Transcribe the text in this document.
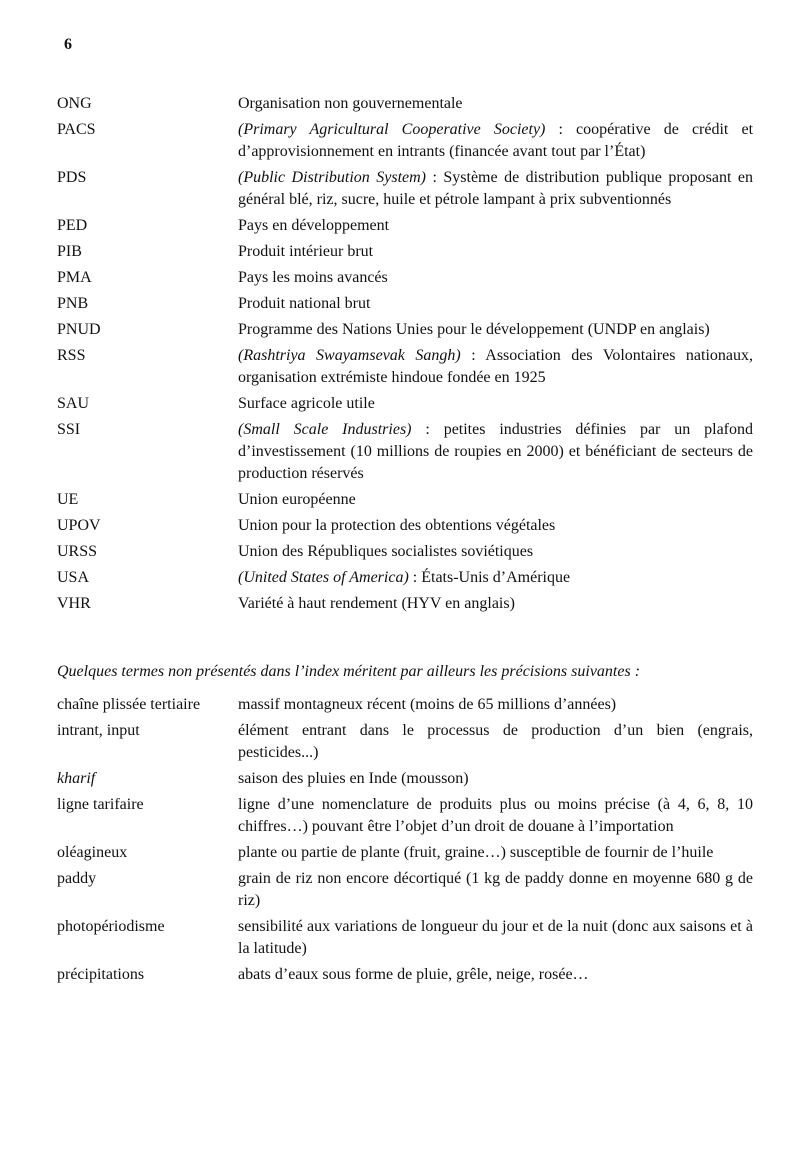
6
ONG	Organisation non gouvernementale
PACS	(Primary Agricultural Cooperative Society) : coopérative de crédit et d’approvisionnement en intrants (financée avant tout par l’État)
PDS	(Public Distribution System) : Système de distribution publique proposant en général blé, riz, sucre, huile et pétrole lampant à prix subventionnés
PED	Pays en développement
PIB	Produit intérieur brut
PMA	Pays les moins avancés
PNB	Produit national brut
PNUD	Programme des Nations Unies pour le développement (UNDP en anglais)
RSS	(Rashtriya Swayamsevak Sangh) : Association des Volontaires nationaux, organisation extrémiste hindoue fondée en 1925
SAU	Surface agricole utile
SSI	(Small Scale Industries) : petites industries définies par un plafond d’investissement (10 millions de roupies en 2000) et bénéficiant de secteurs de production réservés
UE	Union européenne
UPOV	Union pour la protection des obtentions végétales
URSS	Union des Républiques socialistes soviétiques
USA	(United States of America) : États-Unis d’Amérique
VHR	Variété à haut rendement (HYV en anglais)

Quelques termes non présentés dans l’index méritent par ailleurs les précisions suivantes :

chaîne plissée tertiaire	massif montagneux récent (moins de 65 millions d’années)
intrant, input	élément entrant dans le processus de production d’un bien (engrais, pesticides...)
kharif	saison des pluies en Inde (mousson)
ligne tarifaire	ligne d’une nomenclature de produits plus ou moins précise (à 4, 6, 8, 10 chiffres…) pouvant être l’objet d’un droit de douane à l’importation
oléagineux	plante ou partie de plante (fruit, graine…) susceptible de fournir de l’huile
paddy	grain de riz non encore décortiqué (1 kg de paddy donne en moyenne 680 g de riz)
photopériodisme	sensibilité aux variations de longueur du jour et de la nuit (donc aux saisons et à la latitude)
précipitations	abats d’eaux sous forme de pluie, grêle, neige, rosée…
